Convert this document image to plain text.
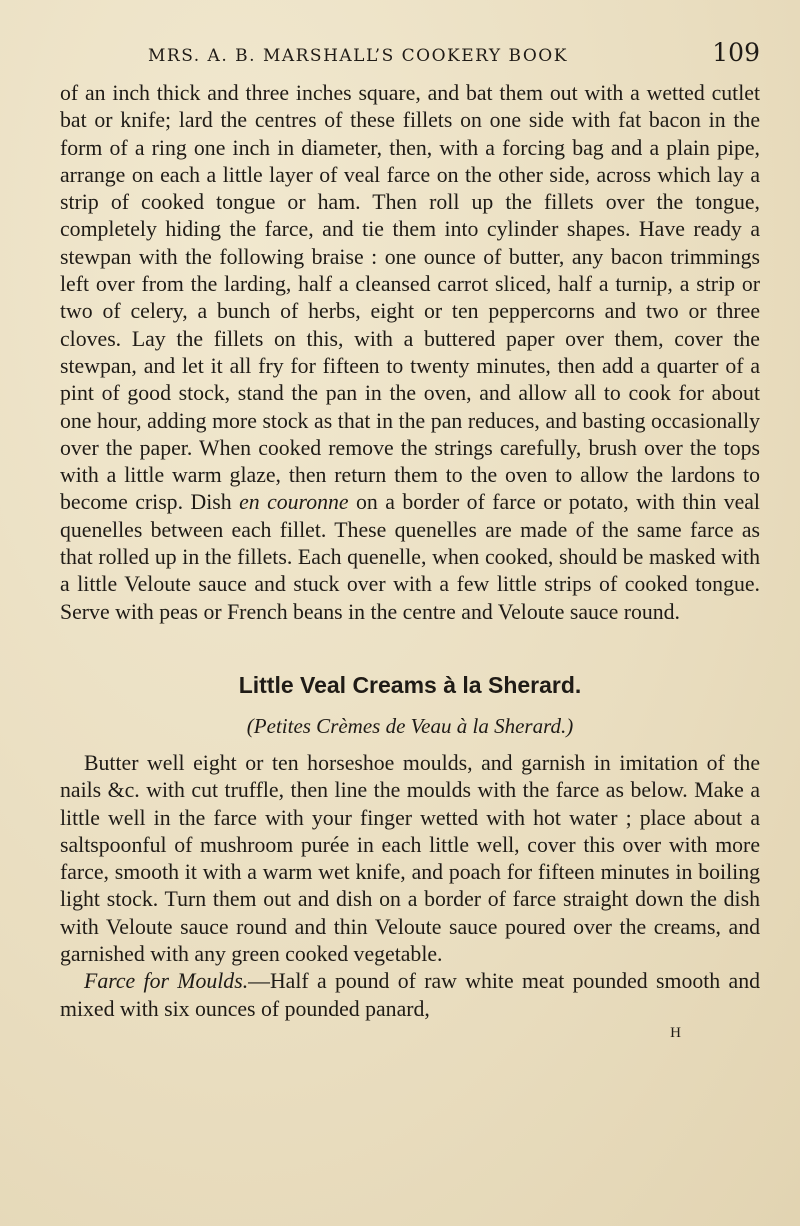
MRS. A. B. MARSHALL’S COOKERY BOOK	109

of an inch thick and three inches square, and bat them out with a wetted cutlet bat or knife; lard the centres of these fillets on one side with fat bacon in the form of a ring one inch in diameter, then, with a forcing bag and a plain pipe, arrange on each a little layer of veal farce on the other side, across which lay a strip of cooked tongue or ham. Then roll up the fillets over the tongue, completely hiding the farce, and tie them into cylinder shapes. Have ready a stewpan with the following braise : one ounce of butter, any bacon trimmings left over from the larding, half a cleansed carrot sliced, half a turnip, a strip or two of celery, a bunch of herbs, eight or ten peppercorns and two or three cloves. Lay the fillets on this, with a buttered paper over them, cover the stewpan, and let it all fry for fifteen to twenty minutes, then add a quarter of a pint of good stock, stand the pan in the oven, and allow all to cook for about one hour, adding more stock as that in the pan reduces, and basting occasionally over the paper. When cooked remove the strings carefully, brush over the tops with a little warm glaze, then return them to the oven to allow the lardons to become crisp. Dish en couronne on a border of farce or potato, with thin veal quenelles between each fillet. These quenelles are made of the same farce as that rolled up in the fillets. Each quenelle, when cooked, should be masked with a little Veloute sauce and stuck over with a few little strips of cooked tongue. Serve with peas or French beans in the centre and Veloute sauce round.

Little Veal Creams à la Sherard.
(Petites Crèmes de Veau à la Sherard.)

Butter well eight or ten horseshoe moulds, and garnish in imitation of the nails &c. with cut truffle, then line the moulds with the farce as below. Make a little well in the farce with your finger wetted with hot water ; place about a saltspoonful of mushroom purée in each little well, cover this over with more farce, smooth it with a warm wet knife, and poach for fifteen minutes in boiling light stock. Turn them out and dish on a border of farce straight down the dish with Veloute sauce round and thin Veloute sauce poured over the creams, and garnished with any green cooked vegetable.

Farce for Moulds.—Half a pound of raw white meat pounded smooth and mixed with six ounces of pounded panard,

H
